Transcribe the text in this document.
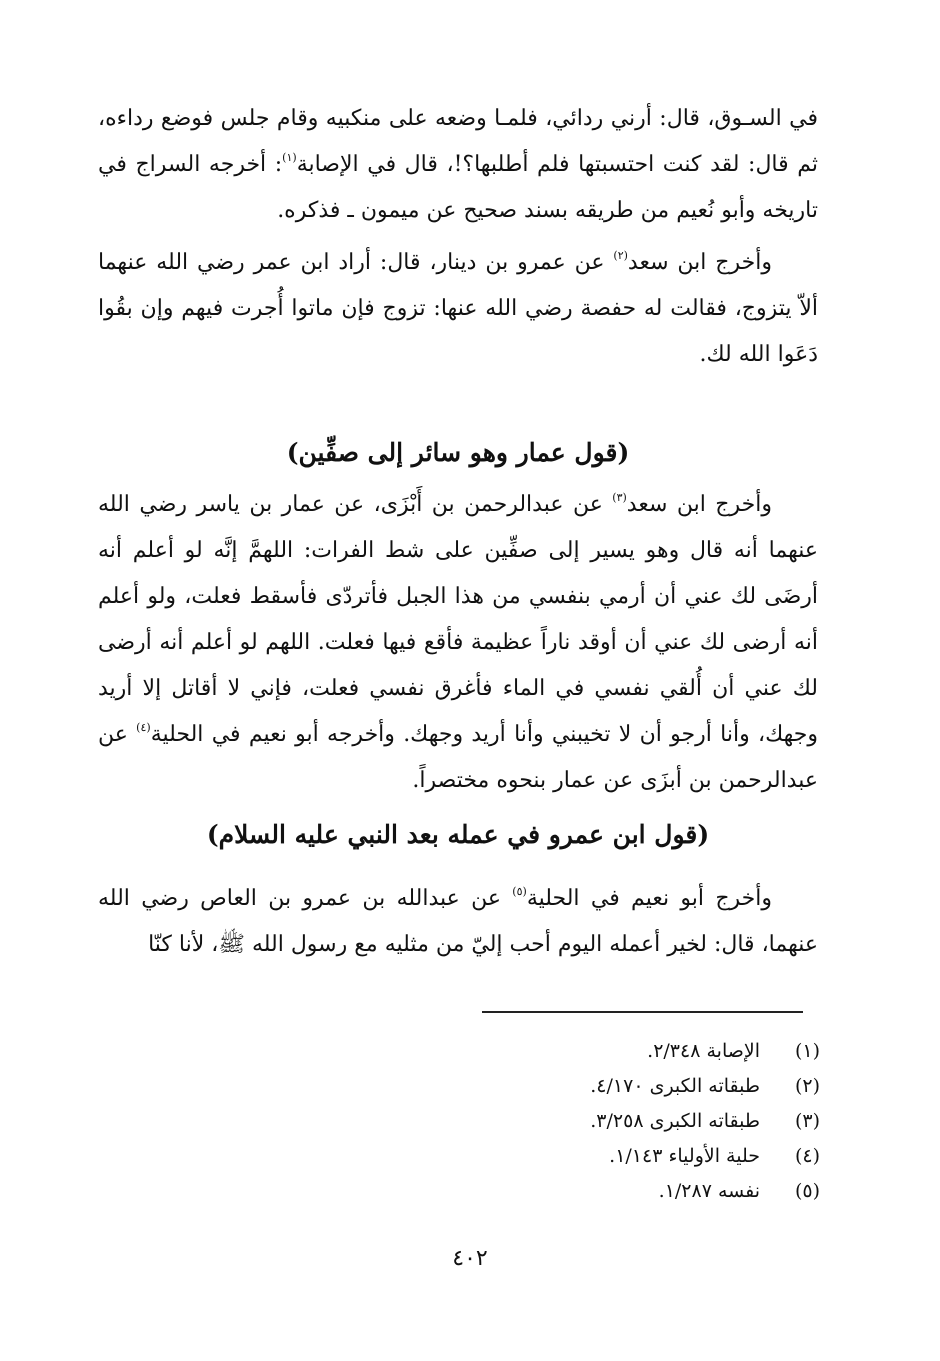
في السـوق، قال: أرني ردائي، فلمـا وضعه على منكبيه وقام جلس فوضع رداءه، ثم قال: لقد كنت احتسبتها فلم أطلبها؟!، قال في الإصابة$^{(١)}$: أخرجه السراج في تاريخه وأبو نُعيم من طريقه بسند صحيح عن ميمون ـ فذكره.

وأخرج ابن سعد$^{(٢)}$ عن عمرو بن دينار، قال: أراد ابن عمر رضي الله عنهما ألاّ يتزوج، فقالت له حفصة رضي الله عنها: تزوج فإن ماتوا أُجرت فيهم وإن بقُوا دَعَوا الله لك.

(قول عمار وهو سائر إلى صفِّين)

وأخرج ابن سعد$^{(٣)}$ عن عبدالرحمن بن أَبْزَى، عن عمار بن ياسر رضي الله عنهما أنه قال وهو يسير إلى صفِّين على شط الفرات: اللهمَّ إنَّه لو أعلم أنه أرضَى لك عني أن أرمي بنفسي من هذا الجبل فأتردّى فأسقط فعلت، ولو أعلم أنه أرضى لك عني أن أوقد ناراً عظيمة فأقع فيها فعلت. اللهم لو أعلم أنه أرضى لك عني أن أُلقي نفسي في الماء فأغرق نفسي فعلت، فإني لا أقاتل إلا أريد وجهك، وأنا أرجو أن لا تخيبني وأنا أريد وجهك. وأخرجه أبو نعيم في الحلية$^{(٤)}$ عن عبدالرحمن بن أبزَى عن عمار بنحوه مختصراً.

(قول ابن عمرو في عمله بعد النبي عليه السلام)

وأخرج أبو نعيم في الحلية$^{(٥)}$ عن عبدالله بن عمرو بن العاص رضي الله عنهما، قال: لخير أعمله اليوم أحب إليّ من مثليه مع رسول الله ﷺ، لأنا كنّا

(١)الإصابة ٢/٣٤٨.
(٢)طبقاته الكبرى ٤/١٧٠.
(٣)طبقاته الكبرى ٣/٢٥٨.
(٤)حلية الأولياء ١/١٤٣.
(٥)نفسه ١/٢٨٧.

٤٠٢
